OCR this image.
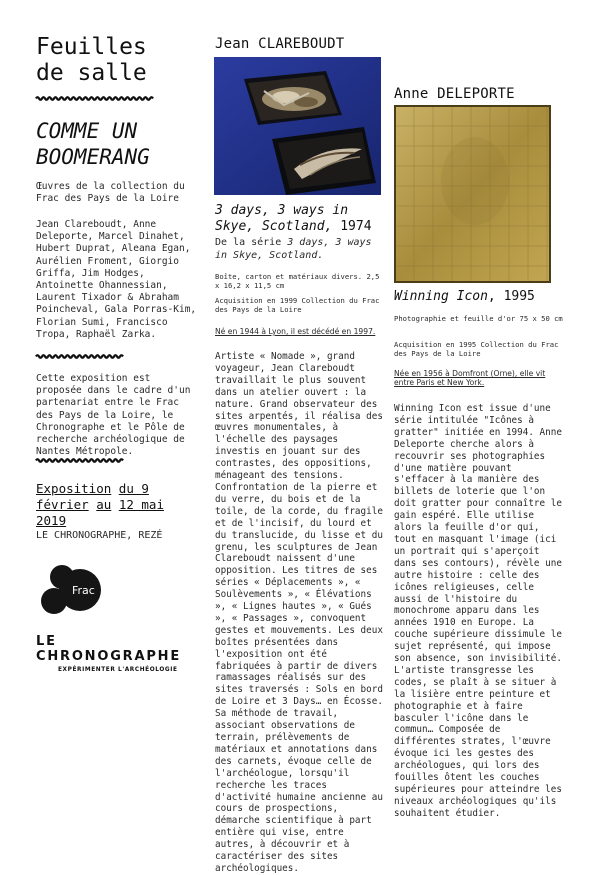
Feuilles
de salle
COMME UN
BOOMERANG
Œuvres de la collection du Frac des Pays de la Loire
Jean Clareboudt, Anne Deleporte, Marcel Dinahet, Hubert Duprat, Aleana Egan, Aurélien Froment, Giorgio Griffa, Jim Hodges, Antoinette Ohannessian, Laurent Tixador & Abraham Poincheval, Gala Porras-Kim, Florian Sumi, Francisco Tropa, Raphaël Zarka.
Cette exposition est proposée dans le cadre d'un partenariat entre le Frac des Pays de la Loire, le Chronographe et le Pôle de recherche archéologique de Nantes Métropole.
Exposition du 9
février au 12 mai 2019
LE CHRONOGRAPHE, REZÉ
Frac
LE CHRONOGRAPHE
EXPÉRIMENTER L'ARCHÉOLOGIE
Jean CLAREBOUDT
3 days, 3 ways in Skye, Scotland, 1974
De la série 3 days, 3 ways in Skye, Scotland.
Boîte, carton et matériaux divers. 2,5 x 16,2 x 11,5 cm
Acquisition en 1999 Collection du Frac des Pays de la Loire
Né en 1944 à Lyon, il est décédé en 1997.
Artiste « Nomade », grand voyageur, Jean Clareboudt travaillait le plus souvent dans un atelier ouvert : la nature. Grand observateur des sites arpentés, il réalisa des œuvres monumentales, à l'échelle des paysages investis en jouant sur des contrastes, des oppositions, ménageant des tensions. Confrontation de la pierre et du verre, du bois et de la toile, de la corde, du fragile et de l'incisif, du lourd et du translucide, du lisse et du grenu, les sculptures de Jean Clareboudt naissent d'une opposition. Les titres de ses séries « Déplacements », « Soulèvements », « Élévations », « Lignes hautes », « Gués », « Passages », convoquent gestes et mouvements. Les deux boîtes présentées dans l'exposition ont été fabriquées à partir de divers ramassages réalisés sur des sites traversés : Sols en bord de Loire et 3 Days… en Écosse. Sa méthode de travail, associant observations de terrain, prélèvements de matériaux et annotations dans des carnets, évoque celle de l'archéologue, lorsqu'il recherche les traces d'activité humaine ancienne au cours de prospections, démarche scientifique à part entière qui vise, entre autres, à découvrir et à caractériser des sites archéologiques.
Anne DELEPORTE
Winning Icon, 1995
Photographie et feuille d'or 75 x 50 cm
Acquisition en 1995 Collection du Frac des Pays de la Loire
Née en 1956 à Domfront (Orne), elle vit entre Paris et New York.
Winning Icon est issue d'une série intitulée "Icônes à gratter" initiée en 1994. Anne Deleporte cherche alors à recouvrir ses photographies d'une matière pouvant s'effacer à la manière des billets de loterie que l'on doit gratter pour connaître le gain espéré. Elle utilise alors la feuille d'or qui, tout en masquant l'image (ici un portrait qui s'aperçoit dans ses contours), révèle une autre histoire : celle des icônes religieuses, celle aussi de l'histoire du monochrome apparu dans les années 1910 en Europe. La couche supérieure dissimule le sujet représenté, qui impose son absence, son invisibilité. L'artiste transgresse les codes, se plaît à se situer à la lisière entre peinture et photographie et à faire basculer l'icône dans le commun… Composée de différentes strates, l'œuvre évoque ici les gestes des archéologues, qui lors des fouilles ôtent les couches supérieures pour atteindre les niveaux archéologiques qu'ils souhaitent étudier.
